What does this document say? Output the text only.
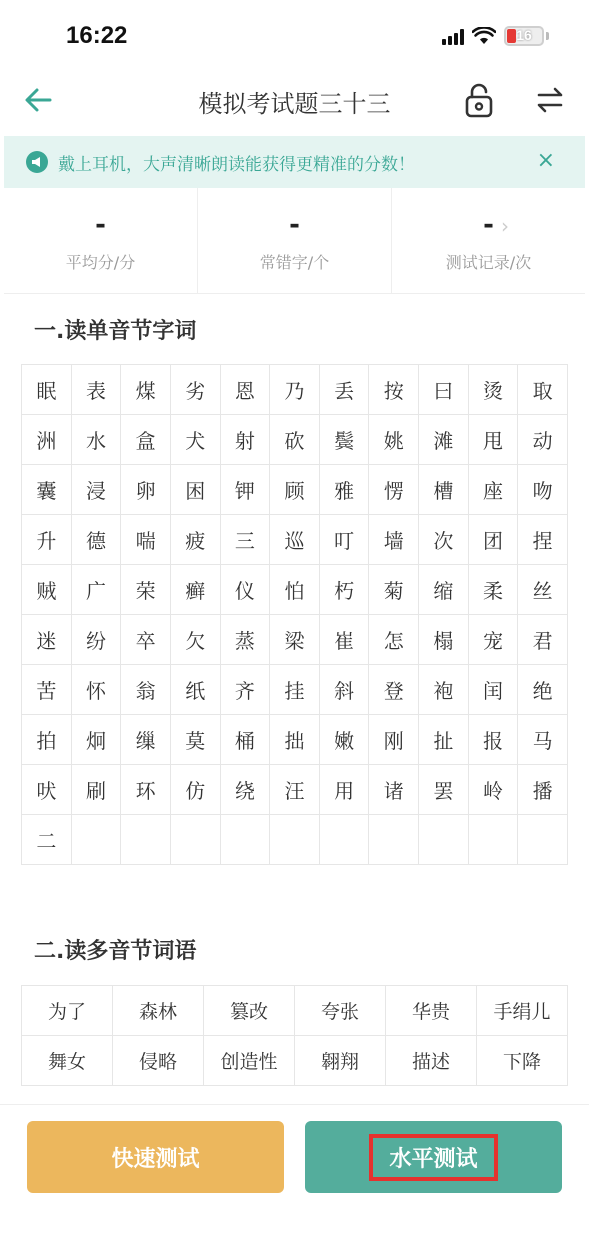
16:22	16
模拟考试题三十三
戴上耳机，大声清晰朗读能获得更精准的分数！	×
-
平均分/分
-
常错字/个
- ›
测试记录/次
一.读单音节字词
眠	表	煤	劣	恩	乃	丢	按	曰	烫	取
洲	水	盒	犬	射	砍	鬓	姚	滩	甩	动
囊	浸	卵	困	钾	顾	雅	愣	槽	座	吻
升	德	喘	疲	三	巡	叮	墙	次	团	捏
贼	广	荣	癣	仪	怕	朽	菊	缩	柔	丝
迷	纷	卒	欠	蒸	梁	崔	怎	榻	宠	君
苦	怀	翁	纸	齐	挂	斜	登	袍	闰	绝
拍	炯	缫	莫	桶	拙	嫩	刚	扯	报	马
吠	刷	环	仿	绕	汪	用	诸	罢	岭	播
二
二.读多音节词语
为了	森林	篡改	夸张	华贵	手绢儿
舞女	侵略	创造性	翱翔	描述	下降
快速测试	水平测试
